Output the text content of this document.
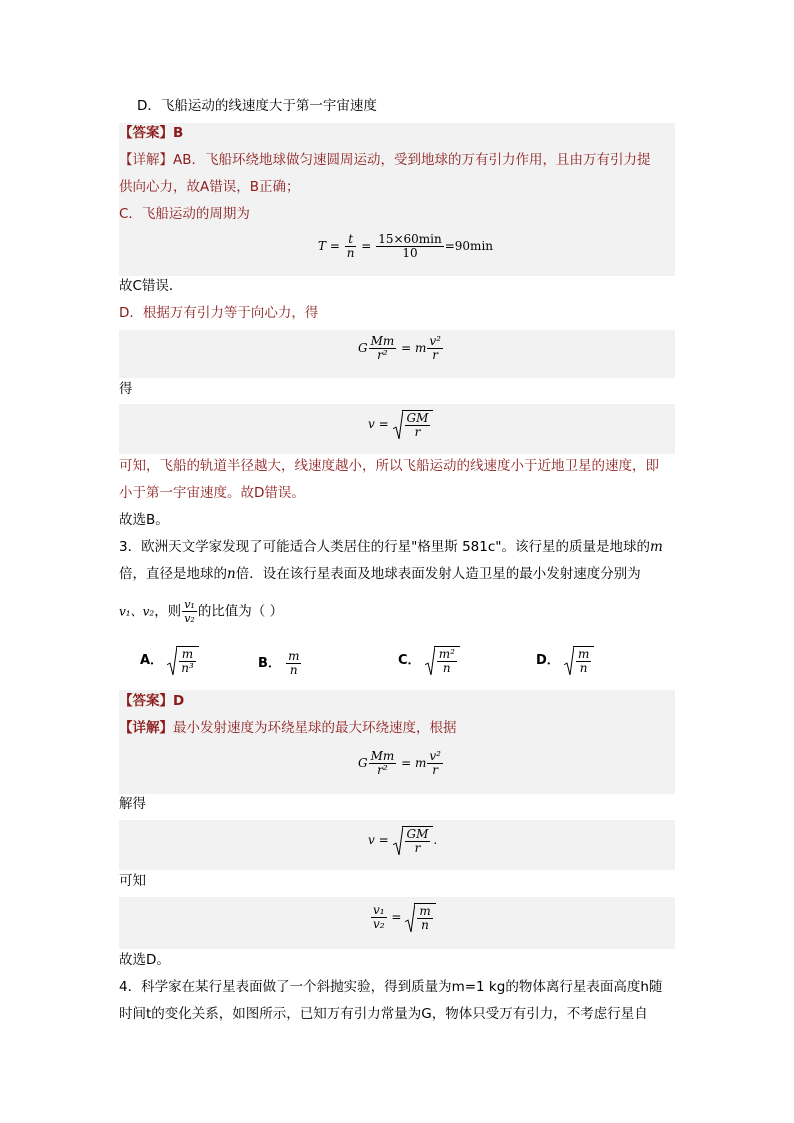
D．飞船运动的线速度大于第一宇宙速度
【答案】B
【详解】AB．飞船环绕地球做匀速圆周运动，受到地球的万有引力作用，且由万有引力提
供向心力，故A错误，B正确；
C．飞船运动的周期为
$T = \frac{t}{n} = \frac{15\times 60\min}{10} =90\min$
故C错误．
D．根据万有引力等于向心力，得
G $\frac{Mm}{\text{r²}} = m \frac{\text{v²}}{r}$
得
$v = \frac{GM}{r}$
可知，飞船的轨道半径越大，线速度越小，所以飞船运动的线速度小于近地卫星的速度，即
小于第一宇宙速度。故D错误。
故选B。
3．欧洲天文学家发现了可能适合人类居住的行星"格里斯 581c"。该行星的质量是地球的m
倍，直径是地球的n倍．设在该行星表面及地球表面发射人造卫星的最小发射速度分别为
v₁、v₂，则 $\frac{\text{v₁}}{\text{v₂}}$ 的比值为（ ）
A． $\frac{m}{\text{n³}}$	B． $\frac{m}{n}$	C． $\frac{\text{m²}}{n}$	D． $\frac{m}{n}$
【答案】D
【详解】最小发射速度为环绕星球的最大环绕速度，根据
G $\frac{Mm}{\text{r²}} = m \frac{\text{v²}}{r}$
解得
$v = \frac{GM}{r}$ .
可知
$\frac{\text{v₁}}{\text{v₂}} = \frac{m}{n}$
故选D。
4．科学家在某行星表面做了一个斜抛实验，得到质量为m=1 kg的物体离行星表面高度h随
时间t的变化关系，如图所示，已知万有引力常量为G，物体只受万有引力，不考虑行星自
